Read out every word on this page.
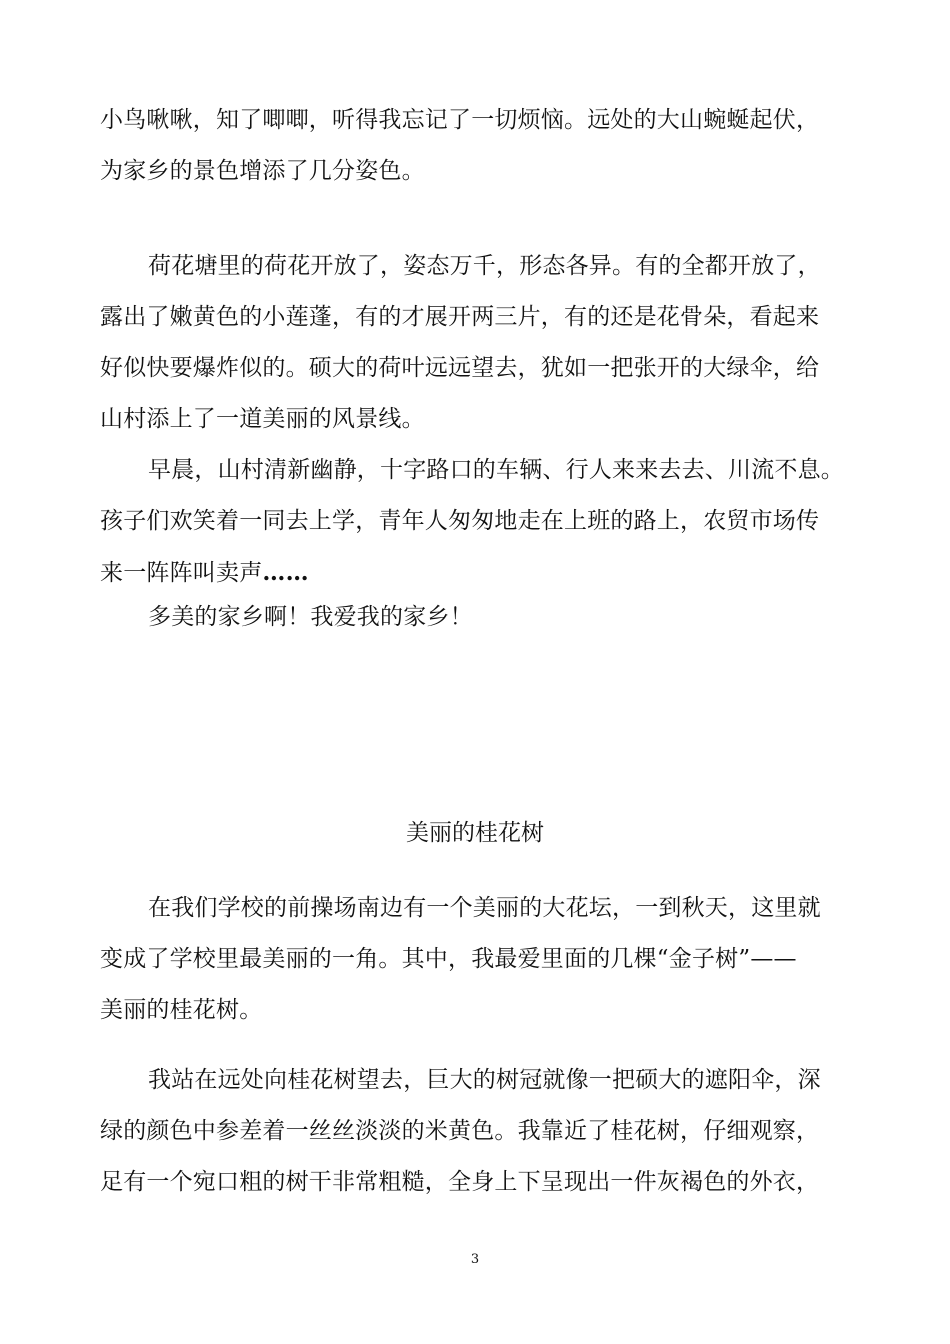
小鸟啾啾，知了唧唧，听得我忘记了一切烦恼。远处的大山蜿蜒起伏，
为家乡的景色增添了几分姿色。
荷花塘里的荷花开放了，姿态万千，形态各异。有的全都开放了，
露出了嫩黄色的小莲蓬，有的才展开两三片，有的还是花骨朵，看起来
好似快要爆炸似的。硕大的荷叶远远望去，犹如一把张开的大绿伞，给
山村添上了一道美丽的风景线。
早晨，山村清新幽静，十字路口的车辆、行人来来去去、川流不息。
孩子们欢笑着一同去上学，青年人匆匆地走在上班的路上，农贸市场传
来一阵阵叫卖声……
多美的家乡啊！我爱我的家乡！
美丽的桂花树
在我们学校的前操场南边有一个美丽的大花坛，一到秋天，这里就
变成了学校里最美丽的一角。其中，我最爱里面的几棵“金子树”——
美丽的桂花树。
我站在远处向桂花树望去，巨大的树冠就像一把硕大的遮阳伞，深
绿的颜色中参差着一丝丝淡淡的米黄色。我靠近了桂花树，仔细观察，
足有一个宛口粗的树干非常粗糙，全身上下呈现出一件灰褐色的外衣，
3
